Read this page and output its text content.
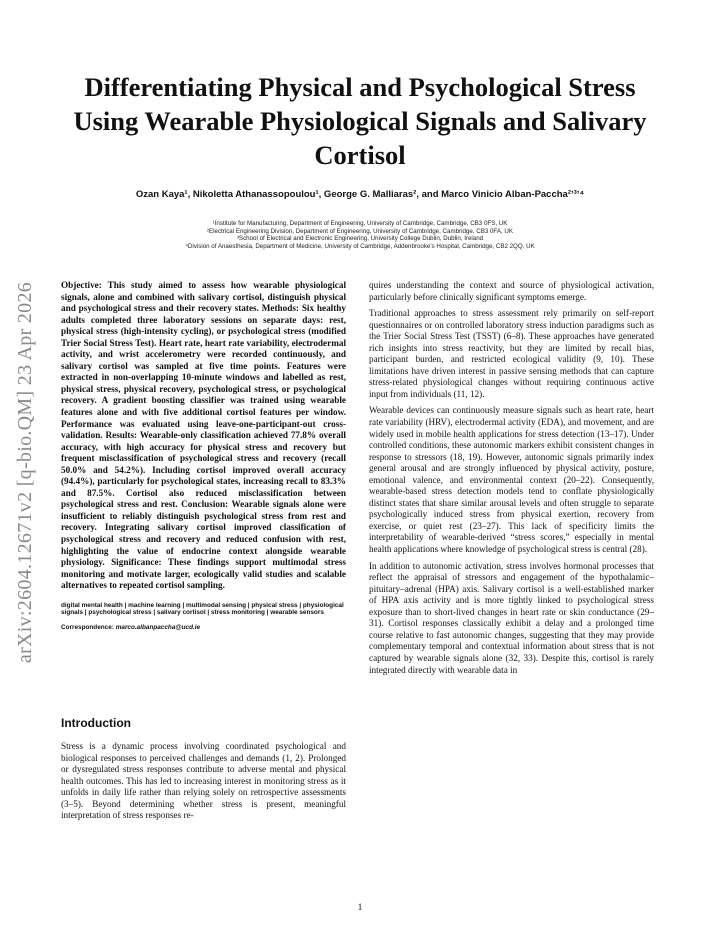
arXiv:2604.12671v2 [q-bio.QM] 23 Apr 2026
Differentiating Physical and Psychological Stress Using Wearable Physiological Signals and Salivary Cortisol
Ozan Kaya¹, Nikoletta Athanassopoulou¹, George G. Malliaras², and Marco Vinicio Alban-Paccha²ʼ³ʼ⁴
¹Institute for Manufacturing, Department of Engineering, University of Cambridge, Cambridge, CB3 0FS, UK
²Electrical Engineering Division, Department of Engineering, University of Cambridge, Cambridge, CB3 0FA, UK
³School of Electrical and Electronic Engineering, University College Dublin, Dublin, Ireland
⁴Division of Anaesthesia, Department of Medicine, University of Cambridge, Addenbrooke's Hospital, Cambridge, CB2 2QQ, UK

Objective: This study aimed to assess how wearable physiological signals, alone and combined with salivary cortisol, distinguish physical and psychological stress and their recovery states. Methods: Six healthy adults completed three laboratory sessions on separate days: rest, physical stress (high-intensity cycling), or psychological stress (modified Trier Social Stress Test). Heart rate, heart rate variability, electrodermal activity, and wrist accelerometry were recorded continuously, and salivary cortisol was sampled at five time points. Features were extracted in non-overlapping 10-minute windows and labelled as rest, physical stress, physical recovery, psychological stress, or psychological recovery. A gradient boosting classifier was trained using wearable features alone and with five additional cortisol features per window. Performance was evaluated using leave-one-participant-out cross-validation. Results: Wearable-only classification achieved 77.8% overall accuracy, with high accuracy for physical stress and recovery but frequent misclassification of psychological stress and recovery (recall 50.0% and 54.2%). Including cortisol improved overall accuracy (94.4%), particularly for psychological states, increasing recall to 83.3% and 87.5%. Cortisol also reduced misclassification between psychological stress and rest. Conclusion: Wearable signals alone were insufficient to reliably distinguish psychological stress from rest and recovery. Integrating salivary cortisol improved classification of psychological stress and recovery and reduced confusion with rest, highlighting the value of endocrine context alongside wearable physiology. Significance: These findings support multimodal stress monitoring and motivate larger, ecologically valid studies and scalable alternatives to repeated cortisol sampling.

digital mental health | machine learning | multimodal sensing | physical stress | physiological signals | psychological stress | salivary cortisol | stress monitoring | wearable sensors

Correspondence: marco.albanpaccha@ucd.ie

Introduction

Stress is a dynamic process involving coordinated psychological and biological responses to perceived challenges and demands (1, 2). Prolonged or dysregulated stress responses contribute to adverse mental and physical health outcomes. This has led to increasing interest in monitoring stress as it unfolds in daily life rather than relying solely on retrospective assessments (3–5). Beyond determining whether stress is present, meaningful interpretation of stress responses re-

quires understanding the context and source of physiological activation, particularly before clinically significant symptoms emerge.

Traditional approaches to stress assessment rely primarily on self-report questionnaires or on controlled laboratory stress induction paradigms such as the Trier Social Stress Test (TSST) (6–8). These approaches have generated rich insights into stress reactivity, but they are limited by recall bias, participant burden, and restricted ecological validity (9, 10). These limitations have driven interest in passive sensing methods that can capture stress-related physiological changes without requiring continuous active input from individuals (11, 12).

Wearable devices can continuously measure signals such as heart rate, heart rate variability (HRV), electrodermal activity (EDA), and movement, and are widely used in mobile health applications for stress detection (13–17). Under controlled conditions, these autonomic markers exhibit consistent changes in response to stressors (18, 19). However, autonomic signals primarily index general arousal and are strongly influenced by physical activity, posture, emotional valence, and environmental context (20–22). Consequently, wearable-based stress detection models tend to conflate physiologically distinct states that share similar arousal levels and often struggle to separate psychologically induced stress from physical exertion, recovery from exercise, or quiet rest (23–27). This lack of specificity limits the interpretability of wearable-derived “stress scores,” especially in mental health applications where knowledge of psychological stress is central (28).

In addition to autonomic activation, stress involves hormonal processes that reflect the appraisal of stressors and engagement of the hypothalamic–pituitary–adrenal (HPA) axis. Salivary cortisol is a well-established marker of HPA axis activity and is more tightly linked to psychological stress exposure than to short-lived changes in heart rate or skin conductance (29–31). Cortisol responses classically exhibit a delay and a prolonged time course relative to fast autonomic changes, suggesting that they may provide complementary temporal and contextual information about stress that is not captured by wearable signals alone (32, 33). Despite this, cortisol is rarely integrated directly with wearable data in

1
